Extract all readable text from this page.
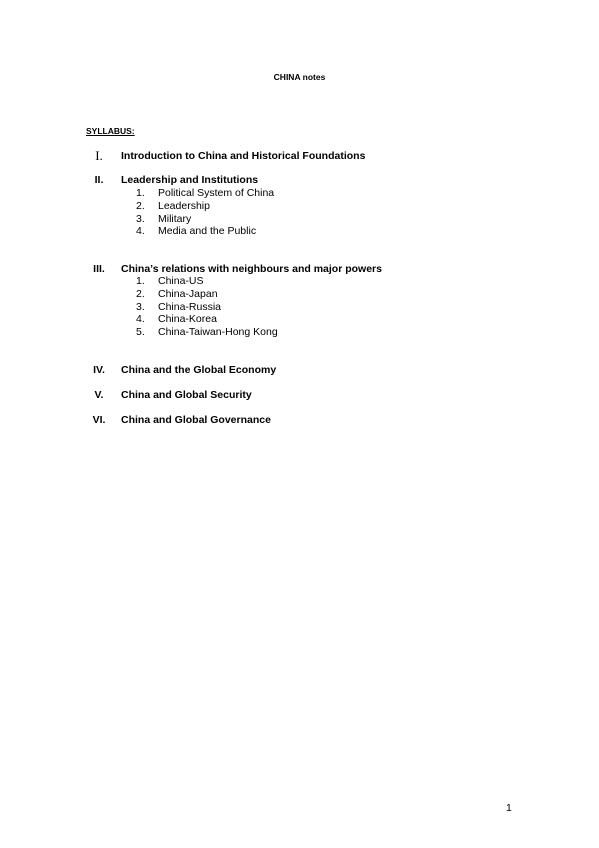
CHINA notes
SYLLABUS:
I.	Introduction to China and Historical Foundations
II.	Leadership and Institutions
1. Political System of China
2. Leadership
3. Military
4. Media and the Public
III.	China’s relations with neighbours and major powers
1. China-US
2. China-Japan
3. China-Russia
4. China-Korea
5. China-Taiwan-Hong Kong
IV.	China and the Global Economy
V.	China and Global Security
VI.	China and Global Governance
1
